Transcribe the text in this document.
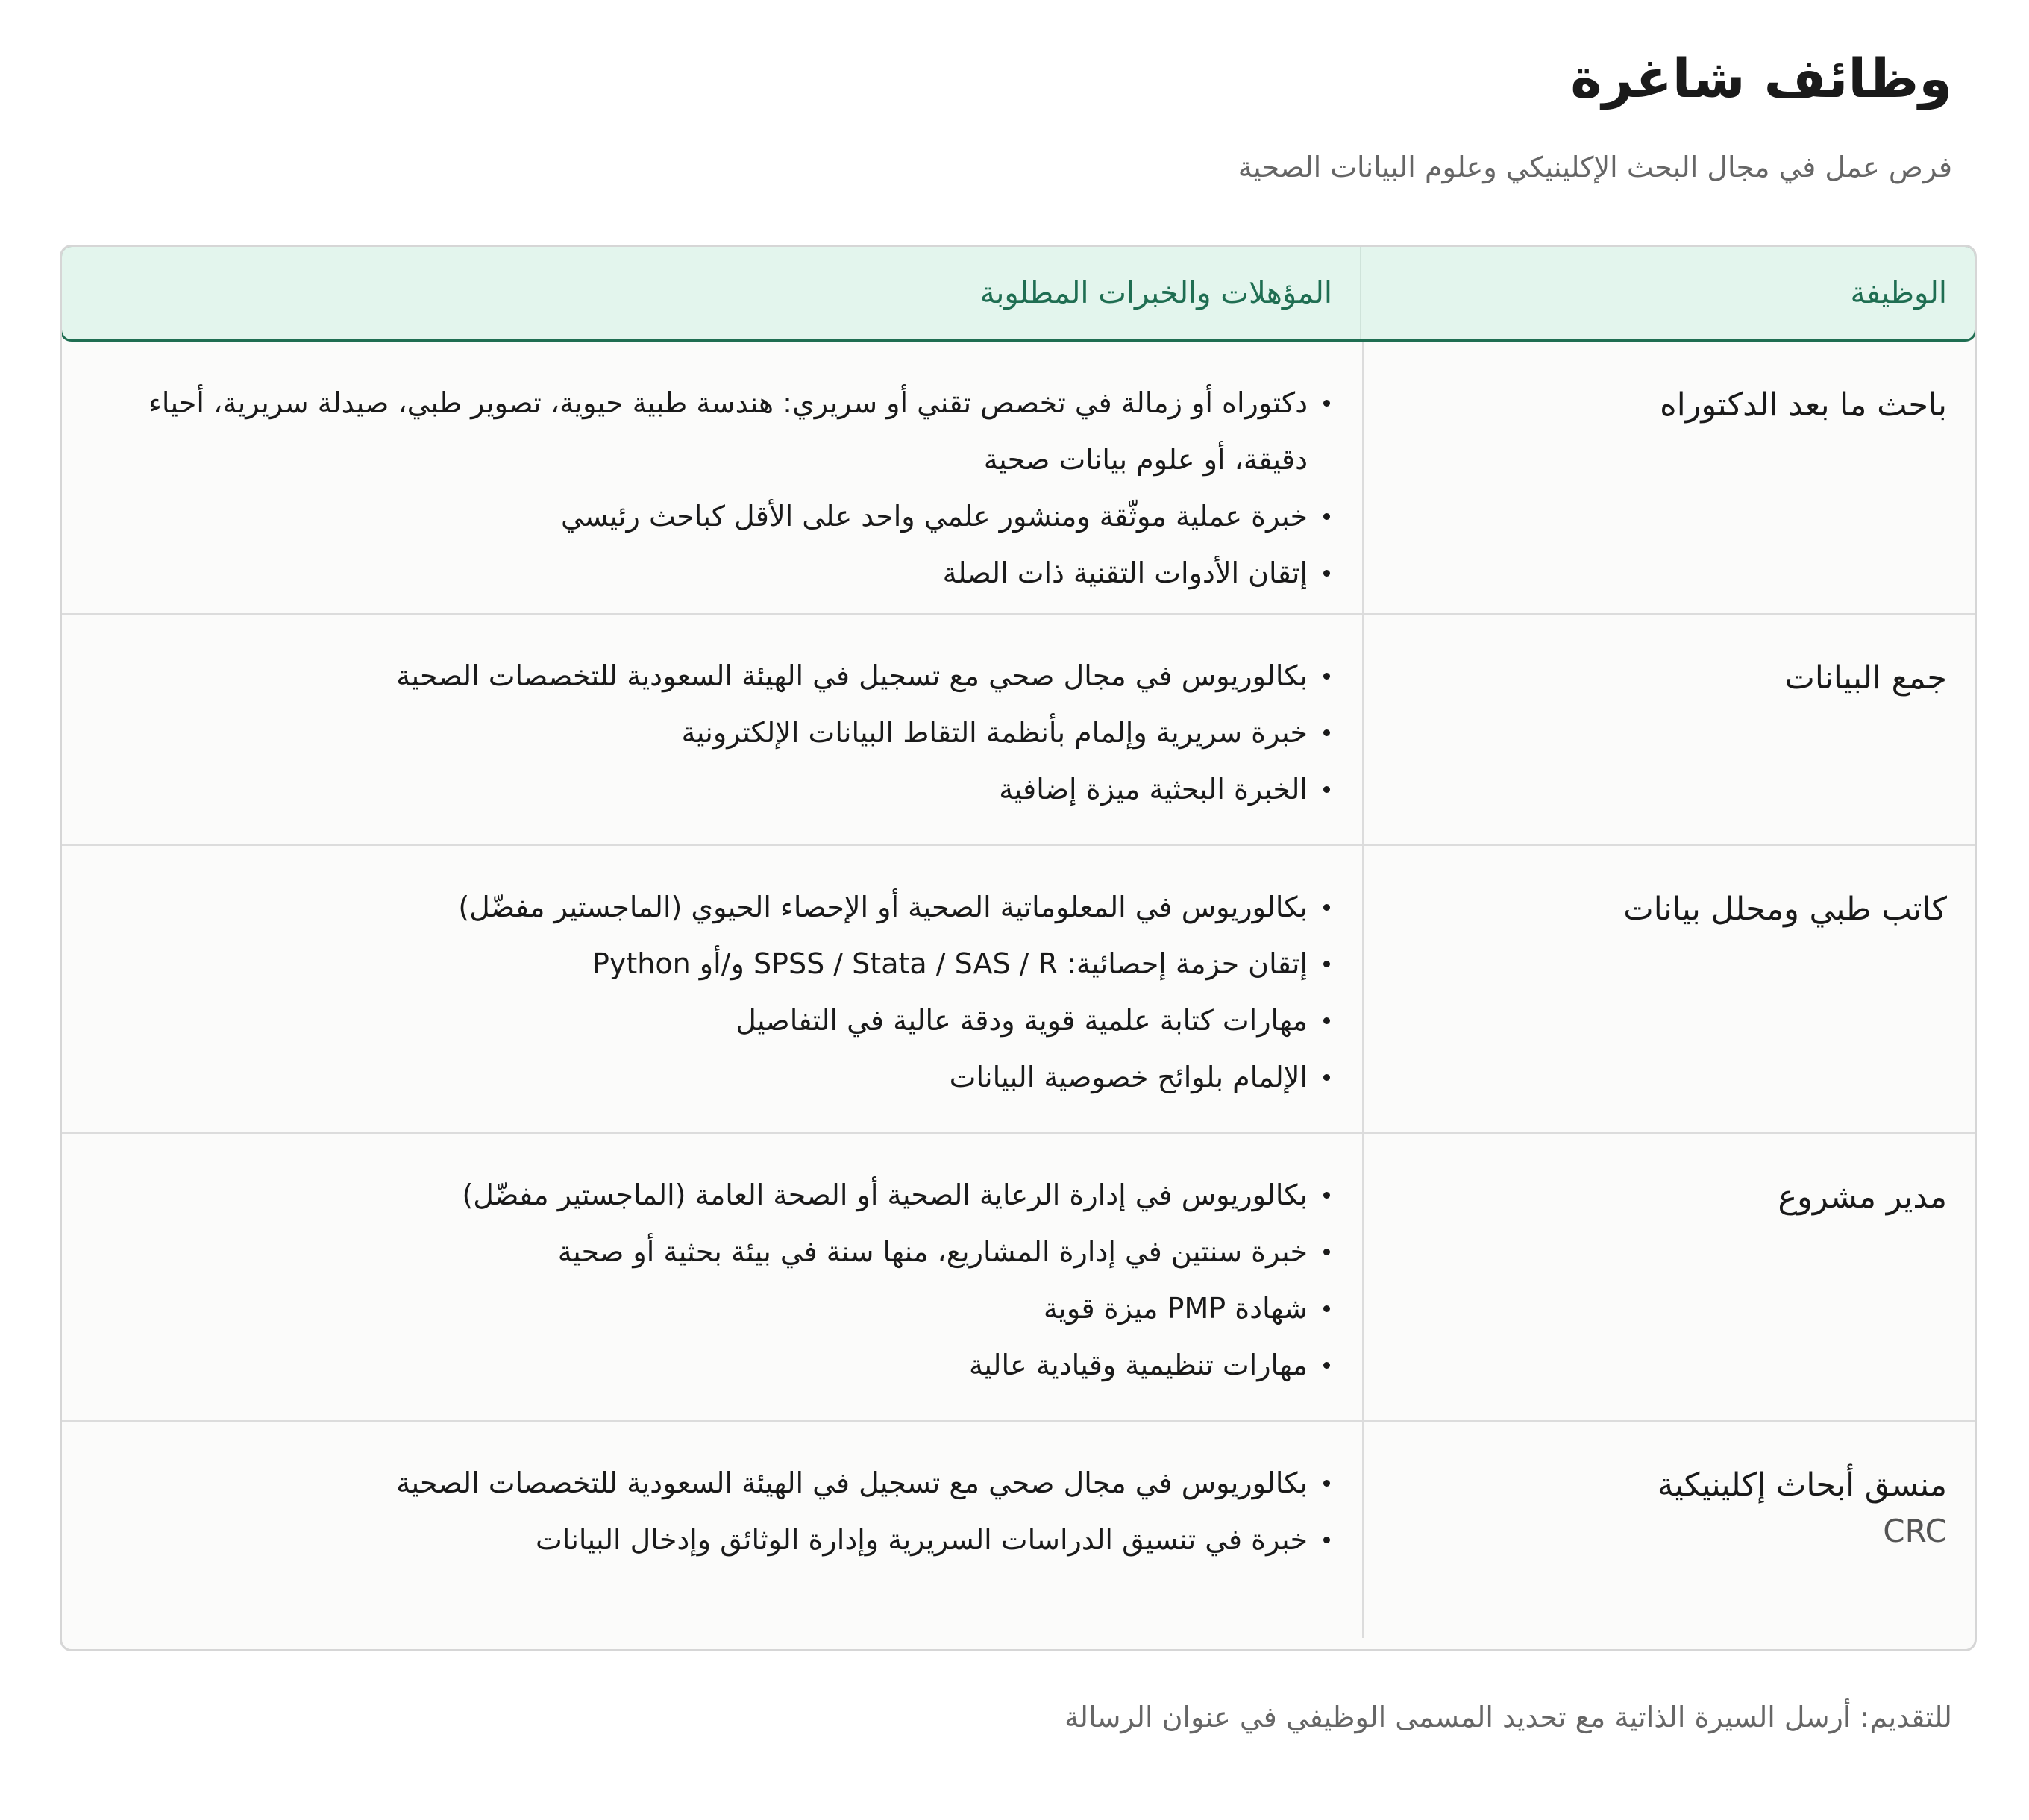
وظائف شاغرة

فرص عمل في مجال البحث الإكلينيكي وعلوم البيانات الصحية

الوظيفة
المؤهلات والخبرات المطلوبة
باحث ما بعد الدكتوراه
دكتوراه أو زمالة في تخصص تقني أو سريري: هندسة طبية حيوية، تصوير طبي، صيدلة سريرية، أحياء دقيقة، أو علوم بيانات صحية
خبرة عملية موثّقة ومنشور علمي واحد على الأقل كباحث رئيسي
إتقان الأدوات التقنية ذات الصلة
جمع البيانات
بكالوريوس في مجال صحي مع تسجيل في الهيئة السعودية للتخصصات الصحية
خبرة سريرية وإلمام بأنظمة التقاط البيانات الإلكترونية
الخبرة البحثية ميزة إضافية
كاتب طبي ومحلل بيانات
بكالوريوس في المعلوماتية الصحية أو الإحصاء الحيوي (الماجستير مفضّل)
إتقان حزمة إحصائية: SPSS / Stata / SAS / R و/أو Python
مهارات كتابة علمية قوية ودقة عالية في التفاصيل
الإلمام بلوائح خصوصية البيانات
مدير مشروع
بكالوريوس في إدارة الرعاية الصحية أو الصحة العامة (الماجستير مفضّل)
خبرة سنتين في إدارة المشاريع، منها سنة في بيئة بحثية أو صحية
شهادة PMP ميزة قوية
مهارات تنظيمية وقيادية عالية
منسق أبحاث إكلينيكية
CRC
بكالوريوس في مجال صحي مع تسجيل في الهيئة السعودية للتخصصات الصحية
خبرة في تنسيق الدراسات السريرية وإدارة الوثائق وإدخال البيانات

للتقديم: أرسل السيرة الذاتية مع تحديد المسمى الوظيفي في عنوان الرسالة
